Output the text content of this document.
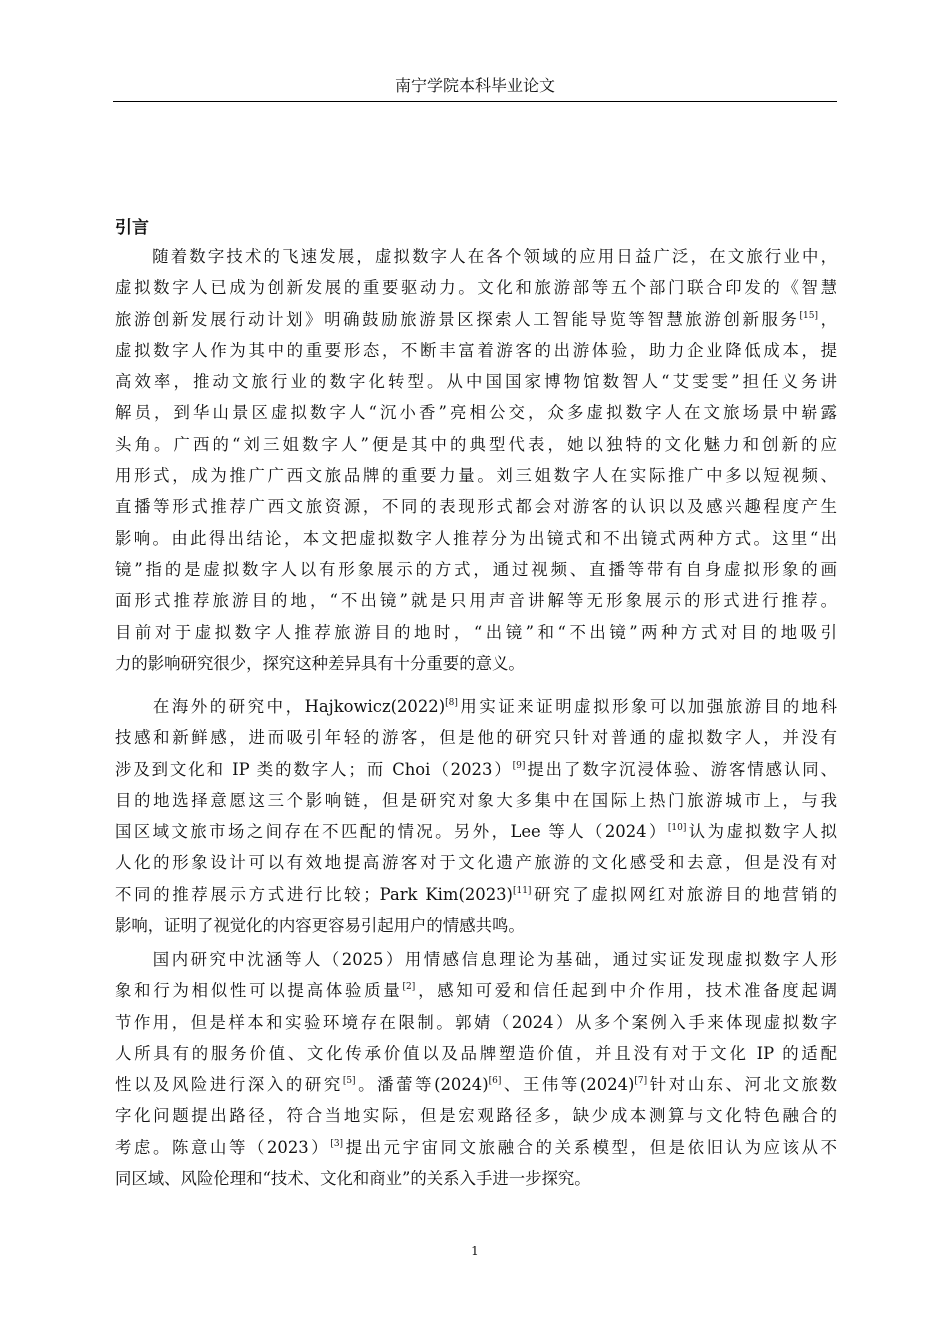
南宁学院本科毕业论文
引言
　　随着数字技术的飞速发展，虚拟数字人在各个领域的应用日益广泛，在文旅行业中，
虚拟数字人已成为创新发展的重要驱动力。文化和旅游部等五个部门联合印发的《智慧
旅游创新发展行动计划》明确鼓励旅游景区探索人工智能导览等智慧旅游创新服务[15]，
虚拟数字人作为其中的重要形态，不断丰富着游客的出游体验，助力企业降低成本，提
高效率，推动文旅行业的数字化转型。从中国国家博物馆数智人“艾雯雯”担任义务讲
解员，到华山景区虚拟数字人“沉小香”亮相公交，众多虚拟数字人在文旅场景中崭露
头角。广西的“刘三姐数字人”便是其中的典型代表，她以独特的文化魅力和创新的应
用形式，成为推广广西文旅品牌的重要力量。刘三姐数字人在实际推广中多以短视频、
直播等形式推荐广西文旅资源，不同的表现形式都会对游客的认识以及感兴趣程度产生
影响。由此得出结论，本文把虚拟数字人推荐分为出镜式和不出镜式两种方式。这里“出
镜”指的是虚拟数字人以有形象展示的方式，通过视频、直播等带有自身虚拟形象的画
面形式推荐旅游目的地，“不出镜”就是只用声音讲解等无形象展示的形式进行推荐。
目前对于虚拟数字人推荐旅游目的地时，“出镜”和“不出镜”两种方式对目的地吸引
力的影响研究很少，探究这种差异具有十分重要的意义。
　　在海外的研究中，Hajkowicz(2022)[8]用实证来证明虚拟形象可以加强旅游目的地科
技感和新鲜感，进而吸引年轻的游客，但是他的研究只针对普通的虚拟数字人，并没有
涉及到文化和 IP 类的数字人；而 Choi（2023）[9]提出了数字沉浸体验、游客情感认同、
目的地选择意愿这三个影响链，但是研究对象大多集中在国际上热门旅游城市上，与我
国区域文旅市场之间存在不匹配的情况。另外，Lee 等人（2024）[10]认为虚拟数字人拟
人化的形象设计可以有效地提高游客对于文化遗产旅游的文化感受和去意，但是没有对
不同的推荐展示方式进行比较；Park Kim(2023)[11]研究了虚拟网红对旅游目的地营销的
影响，证明了视觉化的内容更容易引起用户的情感共鸣。
　　国内研究中沈涵等人（2025）用情感信息理论为基础，通过实证发现虚拟数字人形
象和行为相似性可以提高体验质量[2]，感知可爱和信任起到中介作用，技术准备度起调
节作用，但是样本和实验环境存在限制。郭婧（2024）从多个案例入手来体现虚拟数字
人所具有的服务价值、文化传承价值以及品牌塑造价值，并且没有对于文化 IP 的适配
性以及风险进行深入的研究[5]。潘蕾等(2024)[6]、王伟等(2024)[7]针对山东、河北文旅数
字化问题提出路径，符合当地实际，但是宏观路径多，缺少成本测算与文化特色融合的
考虑。陈意山等（2023）[3]提出元宇宙同文旅融合的关系模型，但是依旧认为应该从不
同区域、风险伦理和“技术、文化和商业”的关系入手进一步探究。
1
